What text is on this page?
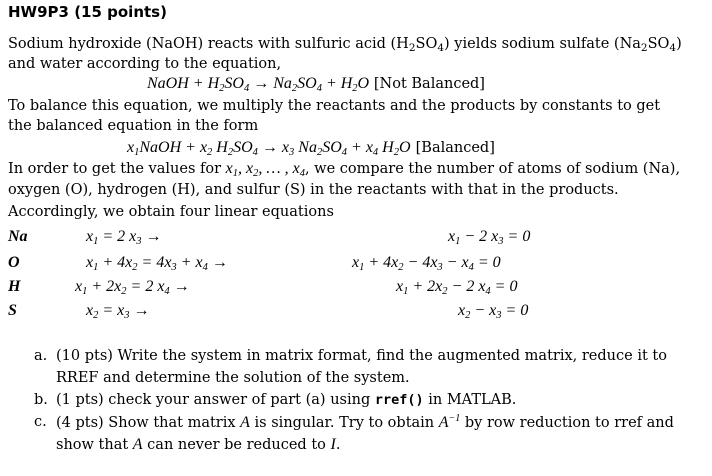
HW9P3 (15 points)
Sodium hydroxide (NaOH) reacts with sulfuric acid $(H_2SO_4)$ yields sodium sulfate $(Na_2SO_4)$
and water according to the equation,
NaOH + $H_2SO_4 \to Na_2SO_4 + H_2O$ [Not Balanced]
To balance this equation, we multiply the reactants and the products by constants to get
the balanced equation in the form
$x_1NaOH + x_2$ $H_2SO_4 \to x_3$ $Na_2SO_4 + x_4$ $H_2O$ [Balanced]
In order to get the values for $x_1$, $x_2$, … , $x_4$, we compare the number of atoms of sodium (Na),
oxygen (O), hydrogen (H), and sulfur (S) in the reactants with that in the products.
Accordingly, we obtain four linear equations
Na	$x_1 = 2$ $x_3$ →	$x_1 - 2$ $x_3 = 0$
O	$x_1 + 4x_2 = 4x_3 + x_4$ →	$x_1 + 4x_2 - 4x_3 - x_4 = 0$
H	$x_1 + 2x_2 = 2$ $x_4$ →	$x_1 + 2x_2 - 2$ $x_4 = 0$
S	$x_2 = x_3$ →	$x_2 - x_3 = 0$
a. (10 pts) Write the system in matrix format, find the augmented matrix, reduce it to
RREF and determine the solution of the system.
b. (1 pts) check your answer of part (a) using rref() in MATLAB.
c. (4 pts) Show that matrix A is singular. Try to obtain $A^{-1}$ by row reduction to rref and
show that A can never be reduced to I.
